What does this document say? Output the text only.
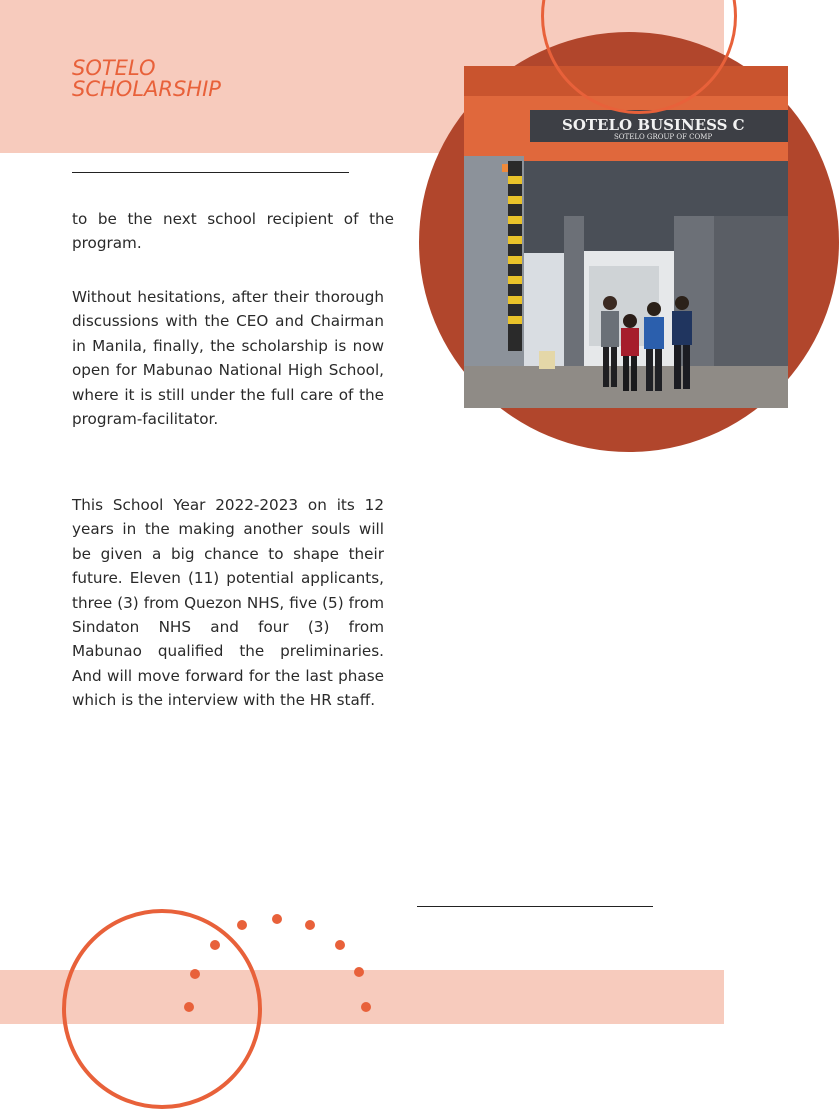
SOTELO BUSINESS C
SOTELO GROUP OF COMP
SOTELO
SCHOLARSHIP

to be the next school recipient of the program.

Without hesitations, after their thorough discussions with the CEO and Chairman in Manila, finally, the scholarship is now open for Mabunao National High School, where it is still under the full care of the program-facilitator.

This School Year 2022-2023 on its 12 years in the making another souls will be given a big chance to shape their future. Eleven (11) potential applicants, three (3) from Quezon NHS, five (5) from Sindaton NHS and four (3) from Mabunao qualified the preliminaries. And will move forward for the last phase which is the interview with the HR staff.
